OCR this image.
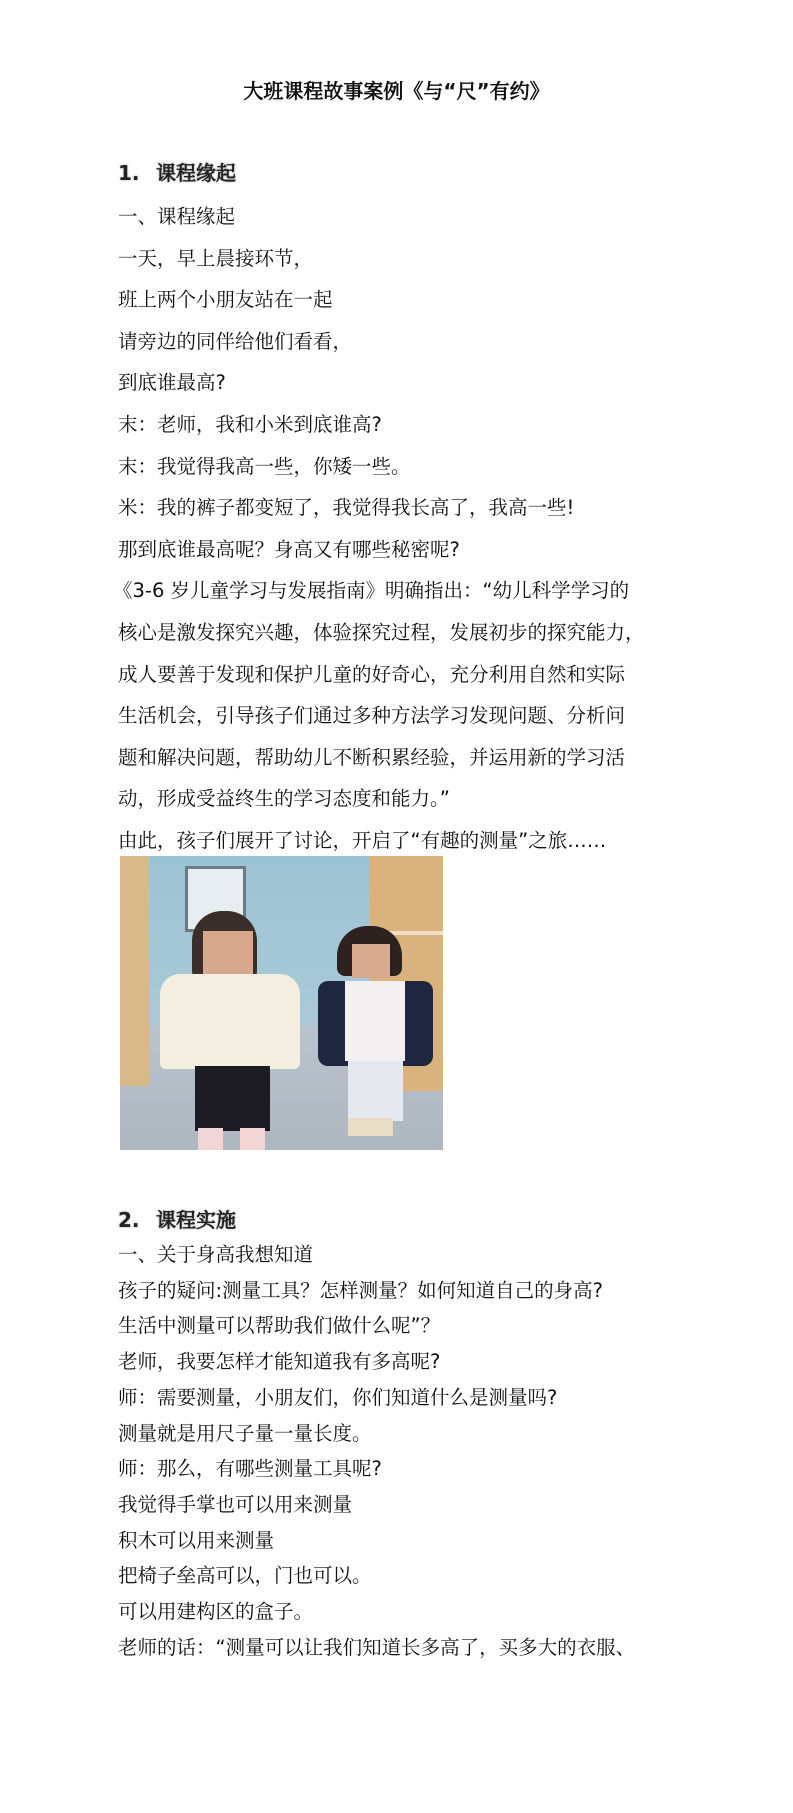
大班课程故事案例《与“尺”有约》
1. 课程缘起
一、课程缘起
一天，早上晨接环节，
班上两个小朋友站在一起
请旁边的同伴给他们看看，
到底谁最高?
末：老师，我和小米到底谁高?
末：我觉得我高一些，你矮一些。
米：我的裤子都变短了，我觉得我长高了，我高一些!
那到底谁最高呢？身高又有哪些秘密呢?
《3-6 岁儿童学习与发展指南》明确指出：“幼儿科学学习的
核心是激发探究兴趣，体验探究过程，发展初步的探究能力，
成人要善于发现和保护儿童的好奇心，充分利用自然和实际
生活机会，引导孩子们通过多种方法学习发现问题、分析问
题和解决问题，帮助幼儿不断积累经验，并运用新的学习活
动，形成受益终生的学习态度和能力。”
由此，孩子们展开了讨论，开启了“有趣的测量”之旅……
2. 课程实施
一、关于身高我想知道
孩子的疑问:测量工具？怎样测量？如何知道自己的身高?
生活中测量可以帮助我们做什么呢”？
老师，我要怎样才能知道我有多高呢?
师：需要测量，小朋友们，你们知道什么是测量吗?
测量就是用尺子量一量长度。
师：那么，有哪些测量工具呢?
我觉得手掌也可以用来测量
积木可以用来测量
把椅子垒高可以，门也可以。
可以用建构区的盒子。
老师的话：“测量可以让我们知道长多高了，买多大的衣服、
